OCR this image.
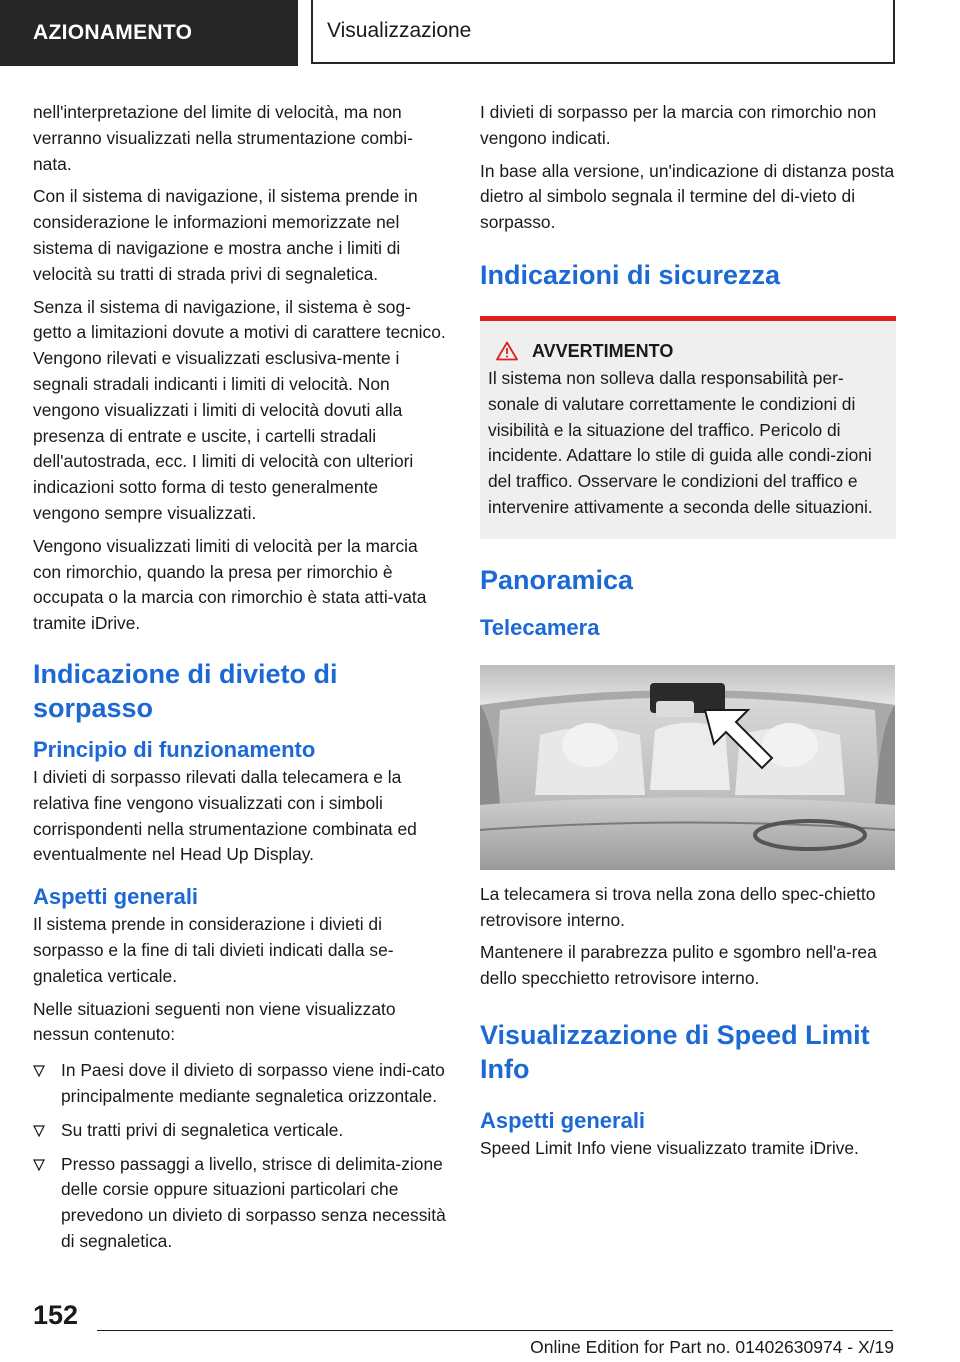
AZIONAMENTO	Visualizzazione

nell'interpretazione del limite di velocità, ma non verranno visualizzati nella strumentazione combi-nata.

Con il sistema di navigazione, il sistema prende in considerazione le informazioni memorizzate nel sistema di navigazione e mostra anche i limiti di velocità su tratti di strada privi di segnaletica.

Senza il sistema di navigazione, il sistema è sog-getto a limitazioni dovute a motivi di carattere tecnico. Vengono rilevati e visualizzati esclusiva-mente i segnali stradali indicanti i limiti di velocità. Non vengono visualizzati i limiti di velocità dovuti alla presenza di entrate e uscite, i cartelli stradali dell'autostrada, ecc. I limiti di velocità con ulteriori indicazioni sotto forma di testo generalmente vengono sempre visualizzati.

Vengono visualizzati limiti di velocità per la marcia con rimorchio, quando la presa per rimorchio è occupata o la marcia con rimorchio è stata atti-vata tramite iDrive.

Indicazione di divieto di sorpasso
Principio di funzionamento

I divieti di sorpasso rilevati dalla telecamera e la relativa fine vengono visualizzati con i simboli corrispondenti nella strumentazione combinata ed eventualmente nel Head Up Display.

Aspetti generali

Il sistema prende in considerazione i divieti di sorpasso e la fine di tali divieti indicati dalla se-gnaletica verticale.

Nelle situazioni seguenti non viene visualizzato nessun contenuto:

In Paesi dove il divieto di sorpasso viene indi-cato principalmente mediante segnaletica orizzontale.
Su tratti privi di segnaletica verticale.
Presso passaggi a livello, strisce di delimita-zione delle corsie oppure situazioni particolari che prevedono un divieto di sorpasso senza necessità di segnaletica.

I divieti di sorpasso per la marcia con rimorchio non vengono indicati.

In base alla versione, un'indicazione di distanza posta dietro al simbolo segnala il termine del di-vieto di sorpasso.

Indicazioni di sicurezza
AVVERTIMENTO

Il sistema non solleva dalla responsabilità per-sonale di valutare correttamente le condizioni di visibilità e la situazione del traffico. Pericolo di incidente. Adattare lo stile di guida alle condi-zioni del traffico. Osservare le condizioni del traffico e intervenire attivamente a seconda delle situazioni.

Panoramica
Telecamera

La telecamera si trova nella zona dello spec-chietto retrovisore interno.

Mantenere il parabrezza pulito e sgombro nell'a-rea dello specchietto retrovisore interno.

Visualizzazione di Speed Limit Info
Aspetti generali

Speed Limit Info viene visualizzato tramite iDrive.

152
Online Edition for Part no. 01402630974 - X/19
